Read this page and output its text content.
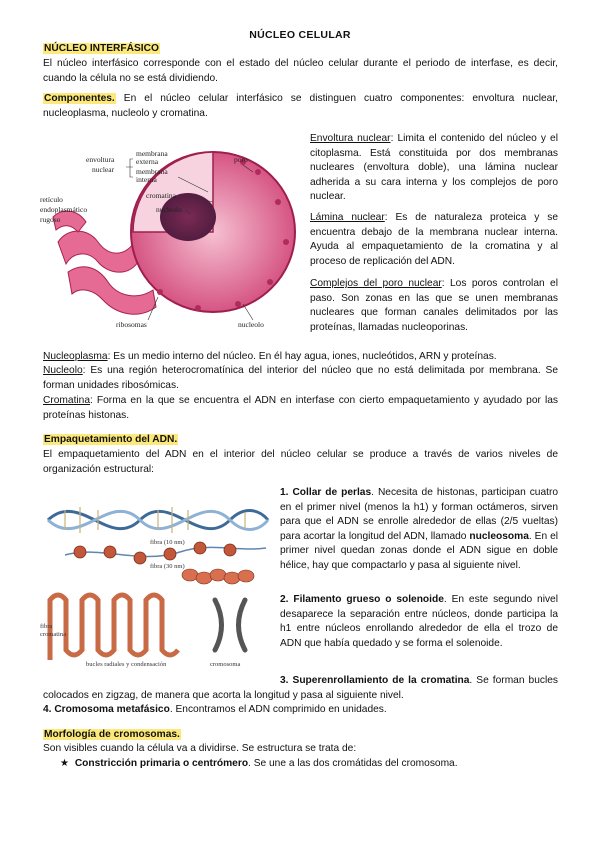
NÚCLEO CELULAR
NÚCLEO INTERFÁSICO
El núcleo interfásico corresponde con el estado del núcleo celular durante el periodo de interfase, es decir, cuando la célula no se está dividiendo.
Componentes. En el núcleo celular interfásico se distinguen cuatro componentes: envoltura nuclear, nucleoplasma, nucleolo y cromatina.
envoltura
nuclear
membrana
externa
membrana
interna
poro
cromatina
nucleolo
retículo
endoplasmático
rugoso
ribosomas	nucleolo
Envoltura nuclear: Limita el contenido del núcleo y el citoplasma. Está constituida por dos membranas nucleares (envoltura doble), una lámina nuclear adherida a su cara interna y los complejos de poro nuclear.
Lámina nuclear: Es de naturaleza proteica y se encuentra debajo de la membrana nuclear interna. Ayuda al empaquetamiento de la cromatina y al proceso de replicación del ADN.
Complejos del poro nuclear: Los poros controlan el paso. Son zonas en las que se unen membranas nucleares que forman canales delimitados por las proteínas, llamadas nucleoporinas.
Nucleoplasma: Es un medio interno del núcleo. En él hay agua, iones, nucleótidos, ARN y proteínas.
Nucleolo: Es una región heterocromatínica del interior del núcleo que no está delimitada por membrana. Se forman unidades ribosómicas.
Cromatina: Forma en la que se encuentra el ADN en interfase con cierto empaquetamiento y ayudado por las proteínas histonas.
Empaquetamiento del ADN.
El empaquetamiento del ADN en el interior del núcleo celular se produce a través de varios niveles de organización estructural:
fibra (10 nm)
fibra (30 nm)
fibra
cromatina
bucles radiales y condensación	cromosoma
1. Collar de perlas. Necesita de histonas, participan cuatro en el primer nivel (menos la h1) y forman octámeros, sirven para que el ADN se enrolle alrededor de ellas (2/5 vueltas) para acortar la longitud del ADN, llamado nucleosoma. En el primer nivel quedan zonas donde el ADN sigue en doble hélice, hay que compactarlo y pasa al siguiente nivel.
2. Filamento grueso o solenoide. En este segundo nivel desaparece la separación entre núcleos, donde participa la h1 entre núcleos enrollando alrededor de ella el trozo de ADN que había quedado y se forma el solenoide.
3. Superenrollamiento de la cromatina. Se forman bucles colocados en zigzag, de manera que acorta la longitud y pasa al siguiente nivel.
4. Cromosoma metafásico. Encontramos el ADN comprimido en unidades.
Morfología de cromosomas.
Son visibles cuando la célula va a dividirse. Se estructura se trata de:
★ Constricción primaria o centrómero. Se une a las dos cromátidas del cromosoma.
